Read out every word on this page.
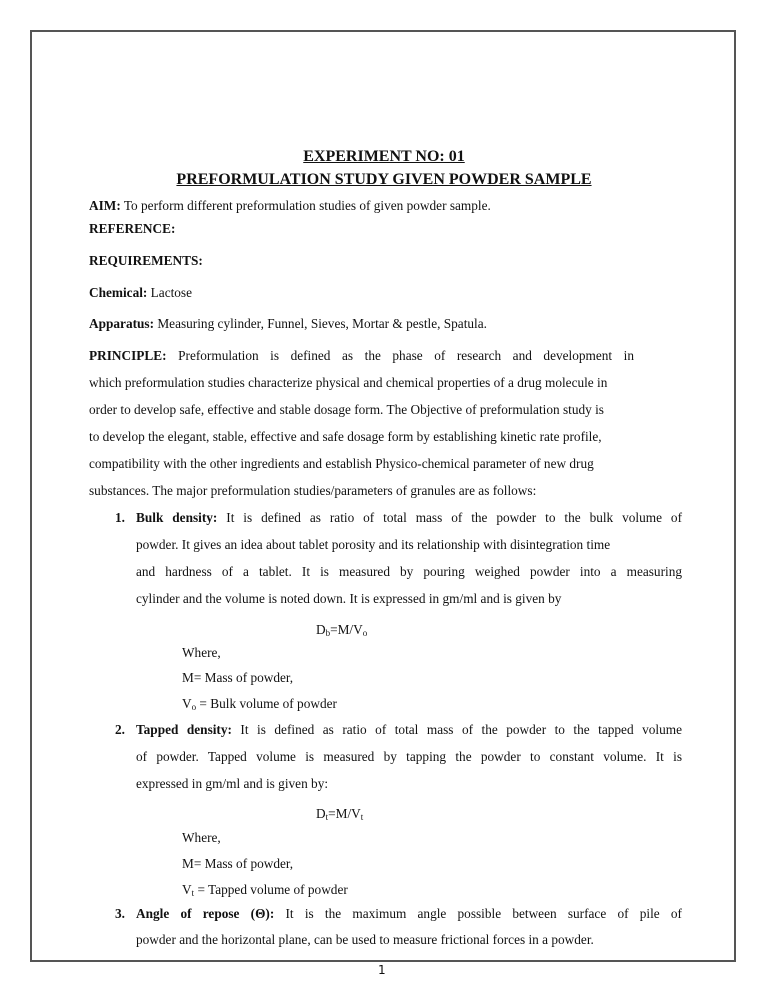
EXPERIMENT NO: 01
PREFORMULATION STUDY GIVEN POWDER SAMPLE
AIM: To perform different preformulation studies of given powder sample.
REFERENCE:
REQUIREMENTS:
Chemical: Lactose
Apparatus: Measuring cylinder, Funnel, Sieves, Mortar & pestle, Spatula.
PRINCIPLE: Preformulation is defined as the phase of research and development in
which preformulation studies characterize physical and chemical properties of a drug molecule in
order to develop safe, effective and stable dosage form. The Objective of preformulation study is
to develop the elegant, stable, effective and safe dosage form by establishing kinetic rate profile,
compatibility with the other ingredients and establish Physico-chemical parameter of new drug
substances. The major preformulation studies/parameters of granules are as follows:
1. Bulk density: It is defined as ratio of total mass of the powder to the bulk volume of
powder. It gives an idea about tablet porosity and its relationship with disintegration time
and hardness of a tablet. It is measured by pouring weighed powder into a measuring
cylinder and the volume is noted down. It is expressed in gm/ml and is given by
$D_b=M/V_o$
Where,
M= Mass of powder,
$V_o$ = Bulk volume of powder
2. Tapped density: It is defined as ratio of total mass of the powder to the tapped volume
of powder. Tapped volume is measured by tapping the powder to constant volume. It is
expressed in gm/ml and is given by:
$D_t=M/V_t$
Where,
M= Mass of powder,
$V_t$ = Tapped volume of powder
3. Angle of repose (Θ): It is the maximum angle possible between surface of pile of
powder and the horizontal plane, can be used to measure frictional forces in a powder.
1
